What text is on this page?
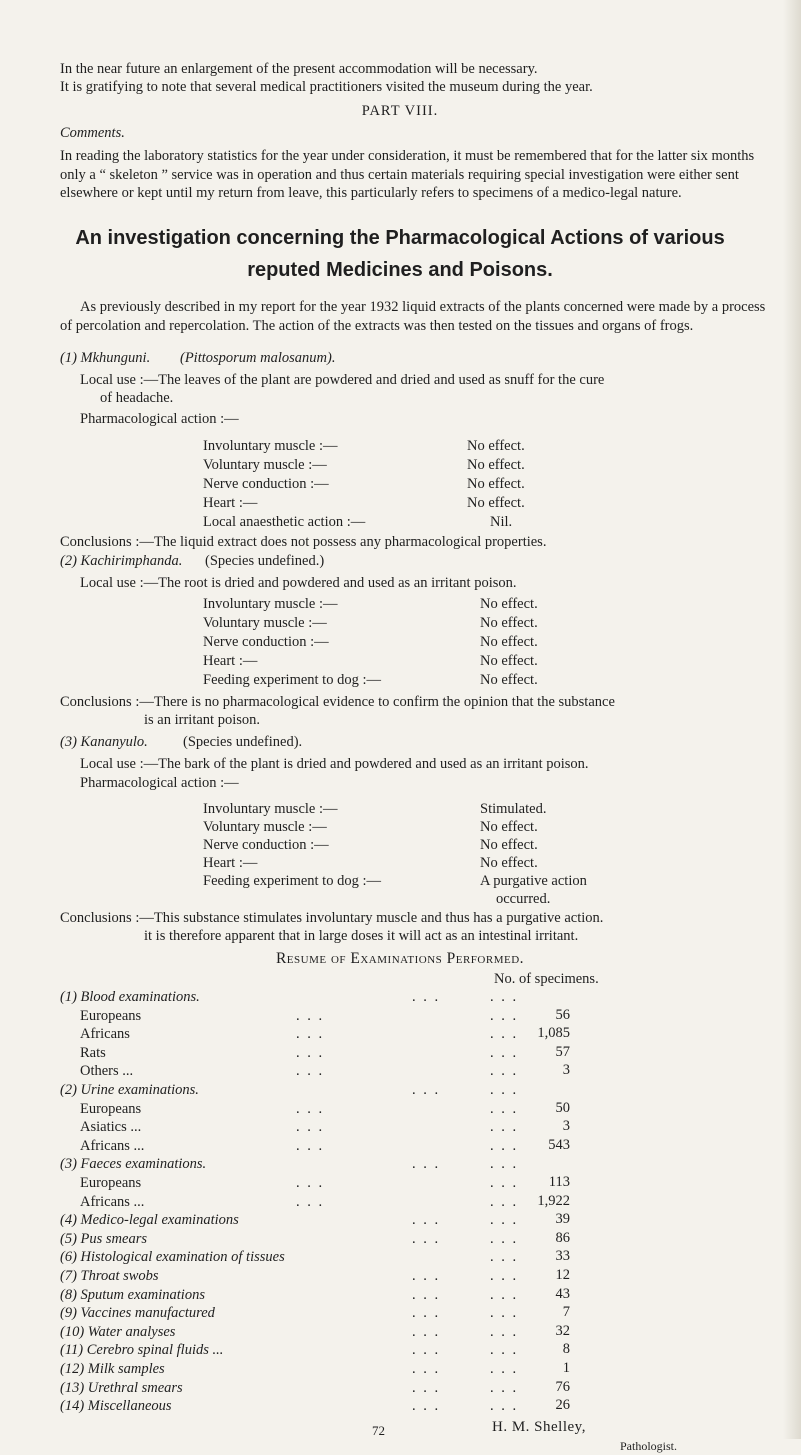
In the near future an enlargement of the present accommodation will be necessary.
It is gratifying to note that several medical practitioners visited the museum during the year.
PART VIII.
Comments.
In reading the laboratory statistics for the year under consideration, it must be remembered that for the latter six months only a “ skeleton ” service was in operation and thus certain materials requiring special investigation were either sent elsewhere or kept until my return from leave, this particularly refers to specimens of a medico-legal nature.
An investigation concerning the Pharmacological Actions of various
reputed Medicines and Poisons.
As previously described in my report for the year 1932 liquid extracts of the plants concerned were made by a process of percolation and repercolation. The action of the extracts was then tested on the tissues and organs of frogs.
(1) Mkhunguni. (Pittosporum malosanum).
Local use :—The leaves of the plant are powdered and dried and used as snuff for the cure
of headache.
Pharmacological action :—
Involuntary muscle :—	No effect.
Voluntary muscle :—	No effect.
Nerve conduction :—	No effect.
Heart :—	No effect.
Local anaesthetic action :—	Nil.
Conclusions :—The liquid extract does not possess any pharmacological properties.
(2) Kachirimphanda. (Species undefined.)
Local use :—The root is dried and powdered and used as an irritant poison.
Involuntary muscle :—	No effect.
Voluntary muscle :—	No effect.
Nerve conduction :—	No effect.
Heart :—	No effect.
Feeding experiment to dog :—	No effect.
Conclusions :—There is no pharmacological evidence to confirm the opinion that the substance
is an irritant poison.
(3) Kananyulo. (Species undefined).
Local use :—The bark of the plant is dried and powdered and used as an irritant poison.
Pharmacological action :—
Involuntary muscle :—	Stimulated.
Voluntary muscle :—	No effect.
Nerve conduction :—	No effect.
Heart :—	No effect.
Feeding experiment to dog :—	A purgative action
occurred.
Conclusions :—This substance stimulates involuntary muscle and thus has a purgative action.
it is therefore apparent that in large doses it will act as an intestinal irritant.
Resume of Examinations Performed.
No. of specimens.
(1) Blood examinations.	. . .	. . .
Europeans	. . .	. . .	56
Africans	. . .	. . .	1,085
Rats	. . .	. . .	57
Others ...	. . .	. . .	3
(2) Urine examinations.	. . .	. . .
Europeans	. . .	. . .	50
Asiatics ...	. . .	. . .	3
Africans ...	. . .	. . .	543
(3) Faeces examinations.	. . .	. . .
Europeans	. . .	. . .	113
Africans ...	. . .	. . .	1,922
(4) Medico-legal examinations	. . .	. . .	39
(5) Pus smears	. . .	. . .	86
(6) Histological examination of tissues	. . .	33
(7) Throat swobs	. . .	. . .	12
(8) Sputum examinations	. . .	. . .	43
(9) Vaccines manufactured	. . .	. . .	7
(10) Water analyses	. . .	. . .	32
(11) Cerebro spinal fluids ...	. . .	. . .	8
(12) Milk samples	. . .	. . .	1
(13) Urethral smears	. . .	. . .	76
(14) Miscellaneous	. . .	. . .	26
H. M. Shelley,
Pathologist.
72
